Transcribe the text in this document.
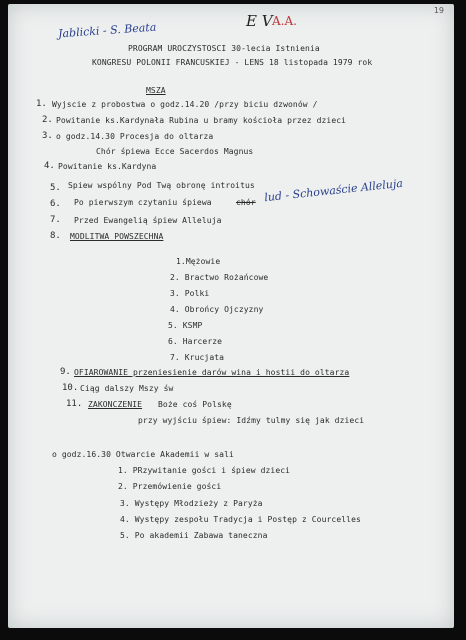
19
Jablicki - S. Beata	E V A.A.
PROGRAM UROCZYSTOSCI 30-lecia Istnienia
KONGRESU POLONII FRANCUSKIEJ - LENS 18 listopada 1979 rok
MSZA
1. Wyjscie z probostwa o godz.14.20 /przy biciu dzwonów /
2. Powitanie ks.Kardynała Rubina u bramy kościoła przez dzieci
3. o godz.14.30 Procesja do oltarza
Chór śpiewa Ecce Sacerdos Magnus
4. Powitanie ks.Kardyna
5. Spiew wspólny Pod Twą obronę introitus
6. Po pierwszym czytaniu śpiewa	chór lud - Schowaście Alleluja
7. Przed Ewangelią śpiew Alleluja
8. MODLITWA POWSZECHNA
1.Mężowie
2. Bractwo Rożańcowe
3. Polki
4. Obrońcy Ojczyzny
5. KSMP
6. Harcerze
7. Krucjata
9. OFIAROWANIE przeniesienie darów wina i hostii do oltarza
10. Ciąg dalszy Mszy św
11. ZAKONCZENIE Boże coś Polskę
przy wyjściu śpiew: Idźmy tulmy się jak dzieci
o godz.16.30 Otwarcie Akademii w sali
1. PRzywitanie gości i śpiew dzieci
2. Przemówienie gości
3. Występy Młodzieży z Paryża
4. Występy zespołu Tradycja i Postęp z Courcelles
5. Po akademii Zabawa taneczna
